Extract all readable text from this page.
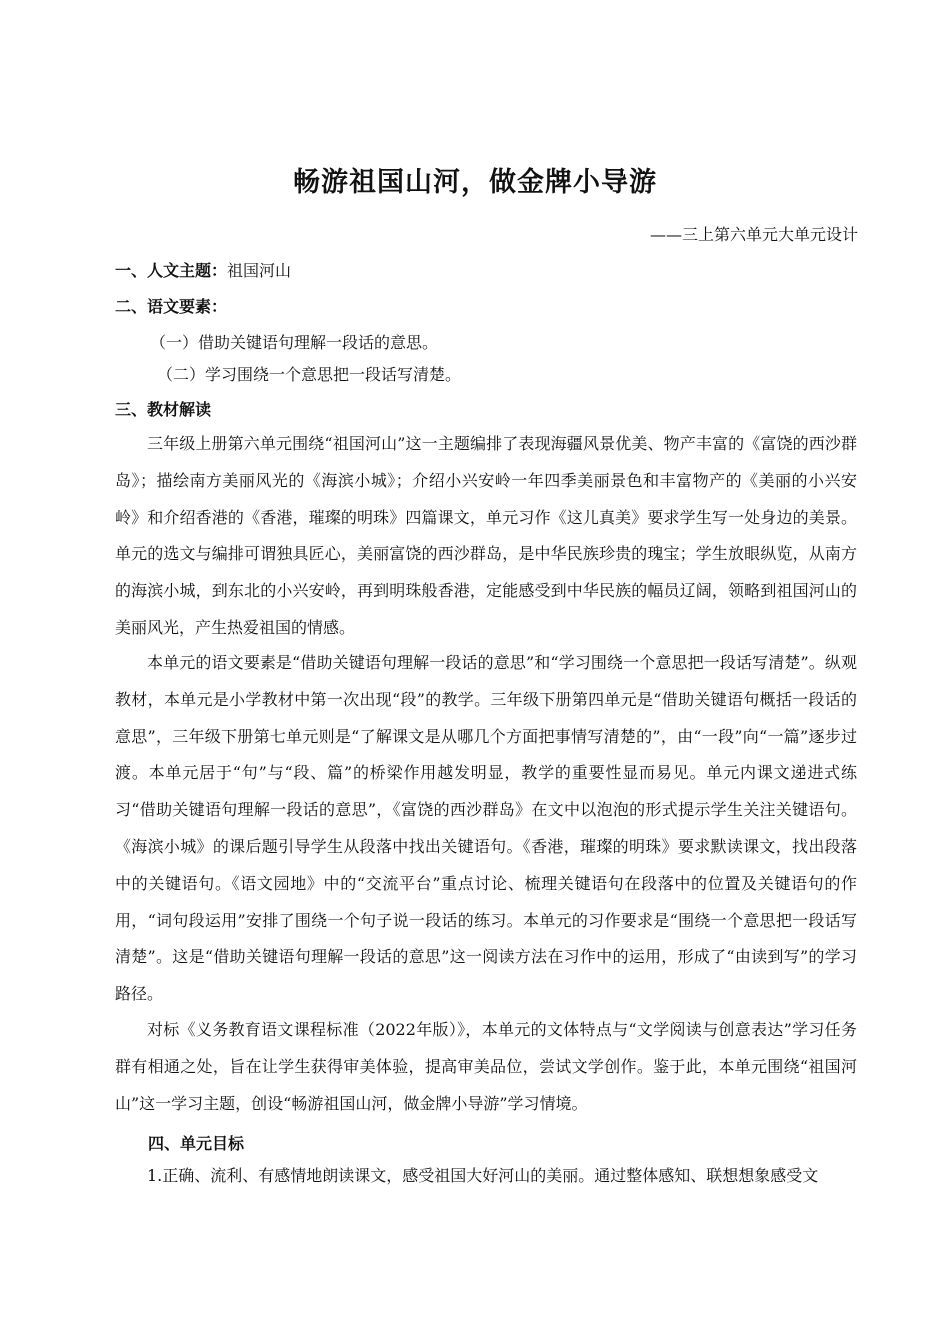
畅游祖国山河，做金牌小导游
——三上第六单元大单元设计
一、人文主题：祖国河山
二、语文要素：
（一）借助关键语句理解一段话的意思。
（二）学习围绕一个意思把一段话写清楚。
三、教材解读

三年级上册第六单元围绕“祖国河山”这一主题编排了表现海疆风景优美、物产丰富的《富饶的西沙群岛》；描绘南方美丽风光的《海滨小城》；介绍小兴安岭一年四季美丽景色和丰富物产的《美丽的小兴安岭》和介绍香港的《香港，璀璨的明珠》四篇课文，单元习作《这儿真美》要求学生写一处身边的美景。单元的选文与编排可谓独具匠心，美丽富饶的西沙群岛，是中华民族珍贵的瑰宝；学生放眼纵览，从南方的海滨小城，到东北的小兴安岭，再到明珠般香港，定能感受到中华民族的幅员辽阔，领略到祖国河山的美丽风光，产生热爱祖国的情感。

本单元的语文要素是“借助关键语句理解一段话的意思”和“学习围绕一个意思把一段话写清楚”。纵观教材，本单元是小学教材中第一次出现“段”的教学。三年级下册第四单元是“借助关键语句概括一段话的意思”，三年级下册第七单元则是“了解课文是从哪几个方面把事情写清楚的”，由“一段”向“一篇”逐步过渡。本单元居于“句”与“段、篇”的桥梁作用越发明显，教学的重要性显而易见。单元内课文递进式练习“借助关键语句理解一段话的意思”，《富饶的西沙群岛》在文中以泡泡的形式提示学生关注关键语句。《海滨小城》的课后题引导学生从段落中找出关键语句。《香港，璀璨的明珠》要求默读课文，找出段落中的关键语句。《语文园地》中的“交流平台”重点讨论、梳理关键语句在段落中的位置及关键语句的作用，“词句段运用”安排了围绕一个句子说一段话的练习。本单元的习作要求是“围绕一个意思把一段话写清楚”。这是“借助关键语句理解一段话的意思”这一阅读方法在习作中的运用，形成了“由读到写”的学习路径。

对标《义务教育语文课程标准（2022年版）》，本单元的文体特点与“文学阅读与创意表达”学习任务群有相通之处，旨在让学生获得审美体验，提高审美品位，尝试文学创作。鉴于此，本单元围绕“祖国河山”这一学习主题，创设“畅游祖国山河，做金牌小导游”学习情境。

四、单元目标

1.正确、流利、有感情地朗读课文，感受祖国大好河山的美丽。通过整体感知、联想想象感受文
